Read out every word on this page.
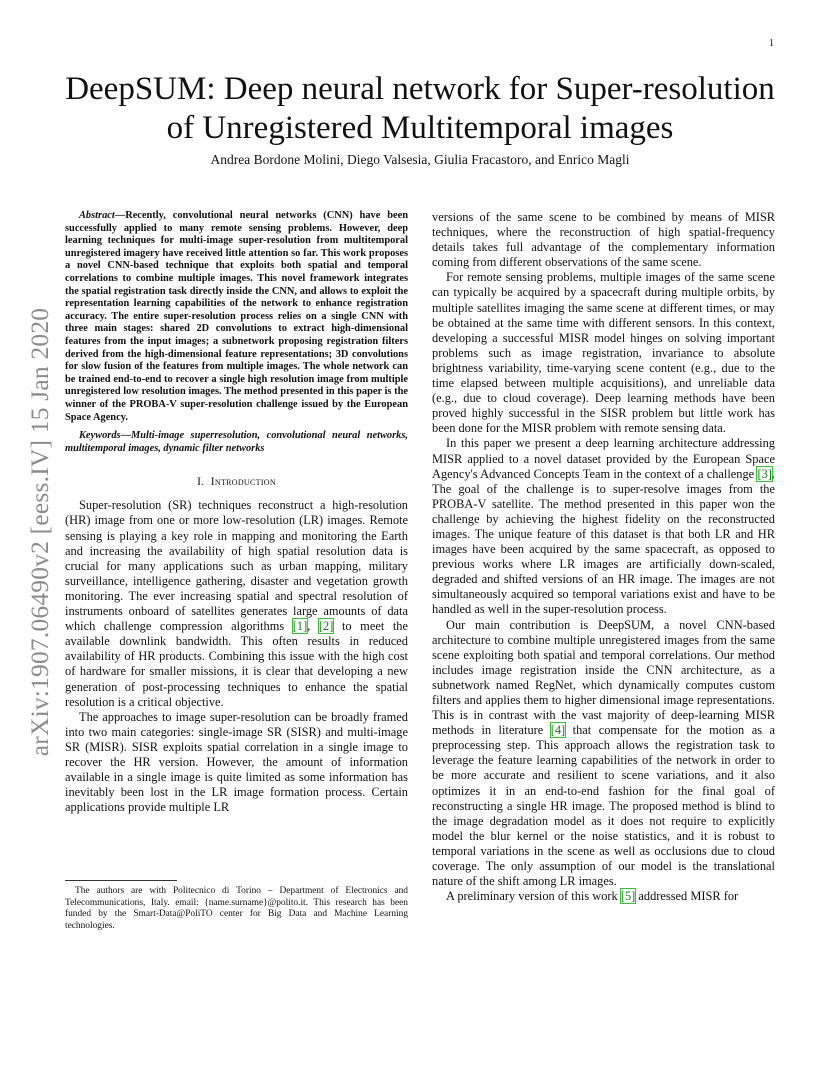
1
arXiv:1907.06490v2 [eess.IV] 15 Jan 2020
DeepSUM: Deep neural network for Super-resolution of Unregistered Multitemporal images
Andrea Bordone Molini, Diego Valsesia, Giulia Fracastoro, and Enrico Magli

Abstract—Recently, convolutional neural networks (CNN) have been successfully applied to many remote sensing problems. However, deep learning techniques for multi-image super-resolution from multitemporal unregistered imagery have received little attention so far. This work proposes a novel CNN-based technique that exploits both spatial and temporal correlations to combine multiple images. This novel framework integrates the spatial registration task directly inside the CNN, and allows to exploit the representation learning capabilities of the network to enhance registration accuracy. The entire super-resolution process relies on a single CNN with three main stages: shared 2D convolutions to extract high-dimensional features from the input images; a subnetwork proposing registration filters derived from the high-dimensional feature representations; 3D convolutions for slow fusion of the features from multiple images. The whole network can be trained end-to-end to recover a single high resolution image from multiple unregistered low resolution images. The method presented in this paper is the winner of the PROBA-V super-resolution challenge issued by the European Space Agency.

Keywords—Multi-image superresolution, convolutional neural networks, multitemporal images, dynamic filter networks

I. Introduction

Super-resolution (SR) techniques reconstruct a high-resolution (HR) image from one or more low-resolution (LR) images. Remote sensing is playing a key role in mapping and monitoring the Earth and increasing the availability of high spatial resolution data is crucial for many applications such as urban mapping, military surveillance, intelligence gathering, disaster and vegetation growth monitoring. The ever increasing spatial and spectral resolution of instruments onboard of satellites generates large amounts of data which challenge compression algorithms [1], [2] to meet the available downlink bandwidth. This often results in reduced availability of HR products. Combining this issue with the high cost of hardware for smaller missions, it is clear that developing a new generation of post-processing techniques to enhance the spatial resolution is a critical objective.

The approaches to image super-resolution can be broadly framed into two main categories: single-image SR (SISR) and multi-image SR (MISR). SISR exploits spatial correlation in a single image to recover the HR version. However, the amount of information available in a single image is quite limited as some information has inevitably been lost in the LR image formation process. Certain applications provide multiple LR

The authors are with Politecnico di Torino – Department of Electronics and Telecommunications, Italy. email: {name.surname}@polito.it. This research has been funded by the Smart-Data@PoliTO center for Big Data and Machine Learning technologies.

versions of the same scene to be combined by means of MISR techniques, where the reconstruction of high spatial-frequency details takes full advantage of the complementary information coming from different observations of the same scene.

For remote sensing problems, multiple images of the same scene can typically be acquired by a spacecraft during multiple orbits, by multiple satellites imaging the same scene at different times, or may be obtained at the same time with different sensors. In this context, developing a successful MISR model hinges on solving important problems such as image registration, invariance to absolute brightness variability, time-varying scene content (e.g., due to the time elapsed between multiple acquisitions), and unreliable data (e.g., due to cloud coverage). Deep learning methods have been proved highly successful in the SISR problem but little work has been done for the MISR problem with remote sensing data.

In this paper we present a deep learning architecture addressing MISR applied to a novel dataset provided by the European Space Agency's Advanced Concepts Team in the context of a challenge [3]. The goal of the challenge is to super-resolve images from the PROBA-V satellite. The method presented in this paper won the challenge by achieving the highest fidelity on the reconstructed images. The unique feature of this dataset is that both LR and HR images have been acquired by the same spacecraft, as opposed to previous works where LR images are artificially down-scaled, degraded and shifted versions of an HR image. The images are not simultaneously acquired so temporal variations exist and have to be handled as well in the super-resolution process.

Our main contribution is DeepSUM, a novel CNN-based architecture to combine multiple unregistered images from the same scene exploiting both spatial and temporal correlations. Our method includes image registration inside the CNN architecture, as a subnetwork named RegNet, which dynamically computes custom filters and applies them to higher dimensional image representations. This is in contrast with the vast majority of deep-learning MISR methods in literature [4] that compensate for the motion as a preprocessing step. This approach allows the registration task to leverage the feature learning capabilities of the network in order to be more accurate and resilient to scene variations, and it also optimizes it in an end-to-end fashion for the final goal of reconstructing a single HR image. The proposed method is blind to the image degradation model as it does not require to explicitly model the blur kernel or the noise statistics, and it is robust to temporal variations in the scene as well as occlusions due to cloud coverage. The only assumption of our model is the translational nature of the shift among LR images.

A preliminary version of this work [5] addressed MISR for
